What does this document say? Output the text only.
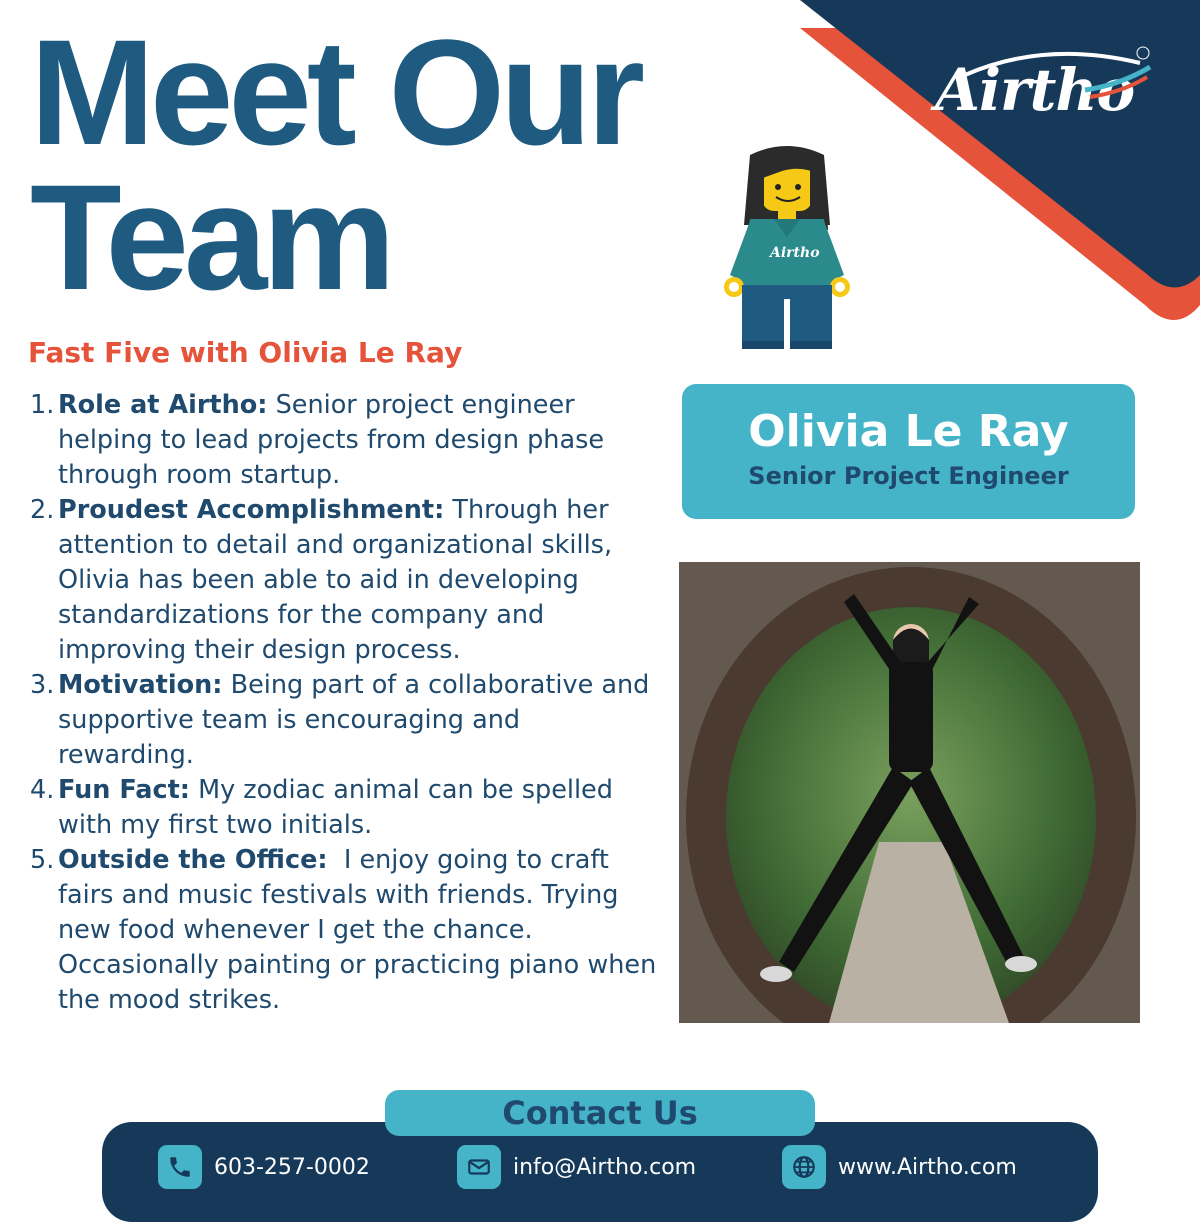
Meet Our
Team
Airtho
Airtho
Fast Five with Olivia Le Ray
1. Role at Airtho: Senior project engineer helping to lead projects from design phase through room startup.
2. Proudest Accomplishment: Through her attention to detail and organizational skills, Olivia has been able to aid in developing standardizations for the company and improving their design process.
3. Motivation: Being part of a collaborative and supportive team is encouraging and rewarding.
4. Fun Fact: My zodiac animal can be spelled with my first two initials.
5. Outside the Office:  I enjoy going to craft fairs and music festivals with friends. Trying new food whenever I get the chance. Occasionally painting or practicing piano when the mood strikes.
Olivia Le Ray
Senior Project Engineer
Contact Us
603-257-0002	info@Airtho.com	www.Airtho.com
